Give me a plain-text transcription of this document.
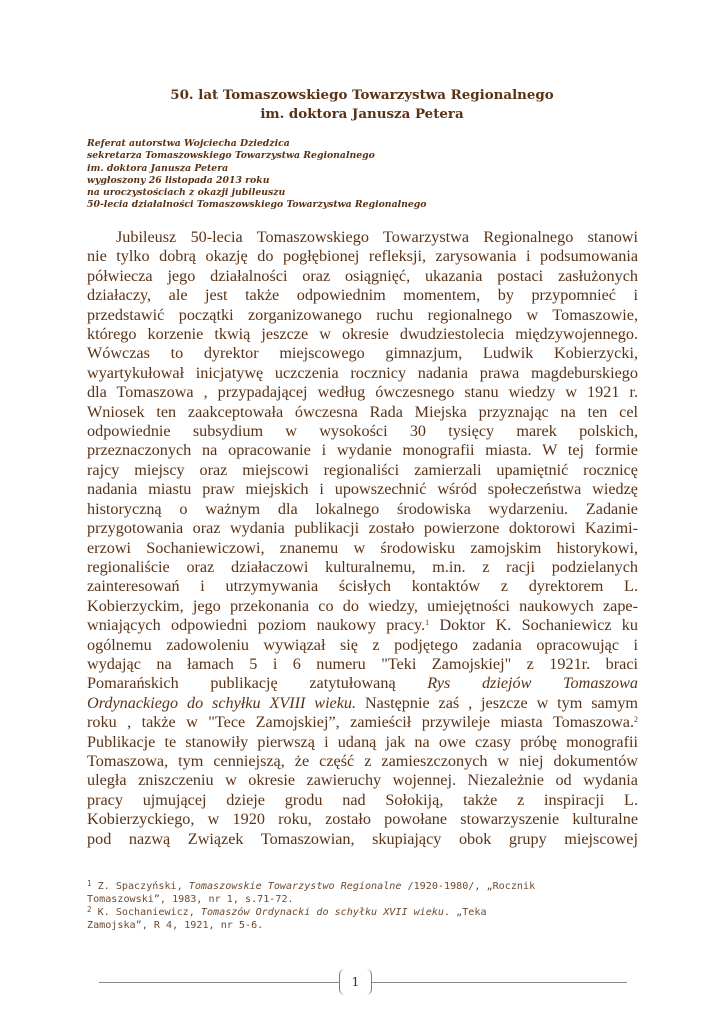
50. lat Tomaszowskiego Towarzystwa Regionalnego
im. doktora Janusza Petera
Referat autorstwa Wojciecha Dziedzica
sekretarza Tomaszowskiego Towarzystwa Regionalnego
im. doktora Janusza Petera
wygłoszony 26 listopada 2013 roku
na uroczystościach z okazji jubileuszu
50-lecia działalności Tomaszowskiego Towarzystwa Regionalnego
Jubileusz 50-lecia Tomaszowskiego Towarzystwa Regionalnego stanowi
nie tylko dobrą okazję do pogłębionej refleksji, zarysowania i podsumowania
półwiecza jego działalności oraz osiągnięć, ukazania postaci zasłużonych
działaczy, ale jest także odpowiednim momentem, by przypomnieć i
przedstawić początki zorganizowanego ruchu regionalnego w Tomaszowie,
którego korzenie tkwią jeszcze w okresie dwudziestolecia międzywojennego.
Wówczas to dyrektor miejscowego gimnazjum, Ludwik Kobierzycki,
wyartykułował inicjatywę uczczenia rocznicy nadania prawa magdeburskiego
dla Tomaszowa , przypadającej według ówczesnego stanu wiedzy w 1921 r.
Wniosek ten zaakceptowała ówczesna Rada Miejska przyznając na ten cel
odpowiednie subsydium w wysokości 30 tysięcy marek polskich,
przeznaczonych na opracowanie i wydanie monografii miasta. W tej formie
rajcy miejscy oraz miejscowi regionaliści zamierzali upamiętnić rocznicę
nadania miastu praw miejskich i upowszechnić wśród społeczeństwa wiedzę
historyczną o ważnym dla lokalnego środowiska wydarzeniu. Zadanie
przygotowania oraz wydania publikacji zostało powierzone doktorowi Kazimi-
erzowi Sochaniewiczowi, znanemu w środowisku zamojskim historykowi,
regionaliście oraz działaczowi kulturalnemu, m.in. z racji podzielanych
zainteresowań i utrzymywania ścisłych kontaktów z dyrektorem L.
Kobierzyckim, jego przekonania co do wiedzy, umiejętności naukowych zape-
wniających odpowiedni poziom naukowy pracy.$^1$ Doktor K. Sochaniewicz ku
ogólnemu zadowoleniu wywiązał się z podjętego zadania opracowując i
wydając na łamach 5 i 6 numeru "Teki Zamojskiej" z 1921r. braci
Pomarańskich publikację zatytułowaną Rys dziejów Tomaszowa
Ordynackiego do schyłku XVIII wieku. Następnie zaś , jeszcze w tym samym
roku , także w "Tece Zamojskiej”, zamieścił przywileje miasta Tomaszowa.$^2$
Publikacje te stanowiły pierwszą i udaną jak na owe czasy próbę monografii
Tomaszowa, tym cenniejszą, że część z zamieszczonych w niej dokumentów
uległa zniszczeniu w okresie zawieruchy wojennej. Niezależnie od wydania
pracy ujmującej dzieje grodu nad Sołokiją, także z inspiracji L.
Kobierzyckiego, w 1920 roku, zostało powołane stowarzyszenie kulturalne
pod nazwą Związek Tomaszowian, skupiający obok grupy miejscowej
$^1$ Z. Spaczyński, Tomaszowskie Towarzystwo Regionalne /1920-1980/, „Rocznik
Tomaszowski”, 1983, nr 1, s.71-72.
$^2$ K. Sochaniewicz, Tomaszów Ordynacki do schyłku XVII wieku. „Teka
Zamojska”, R 4, 1921, nr 5-6.
1
